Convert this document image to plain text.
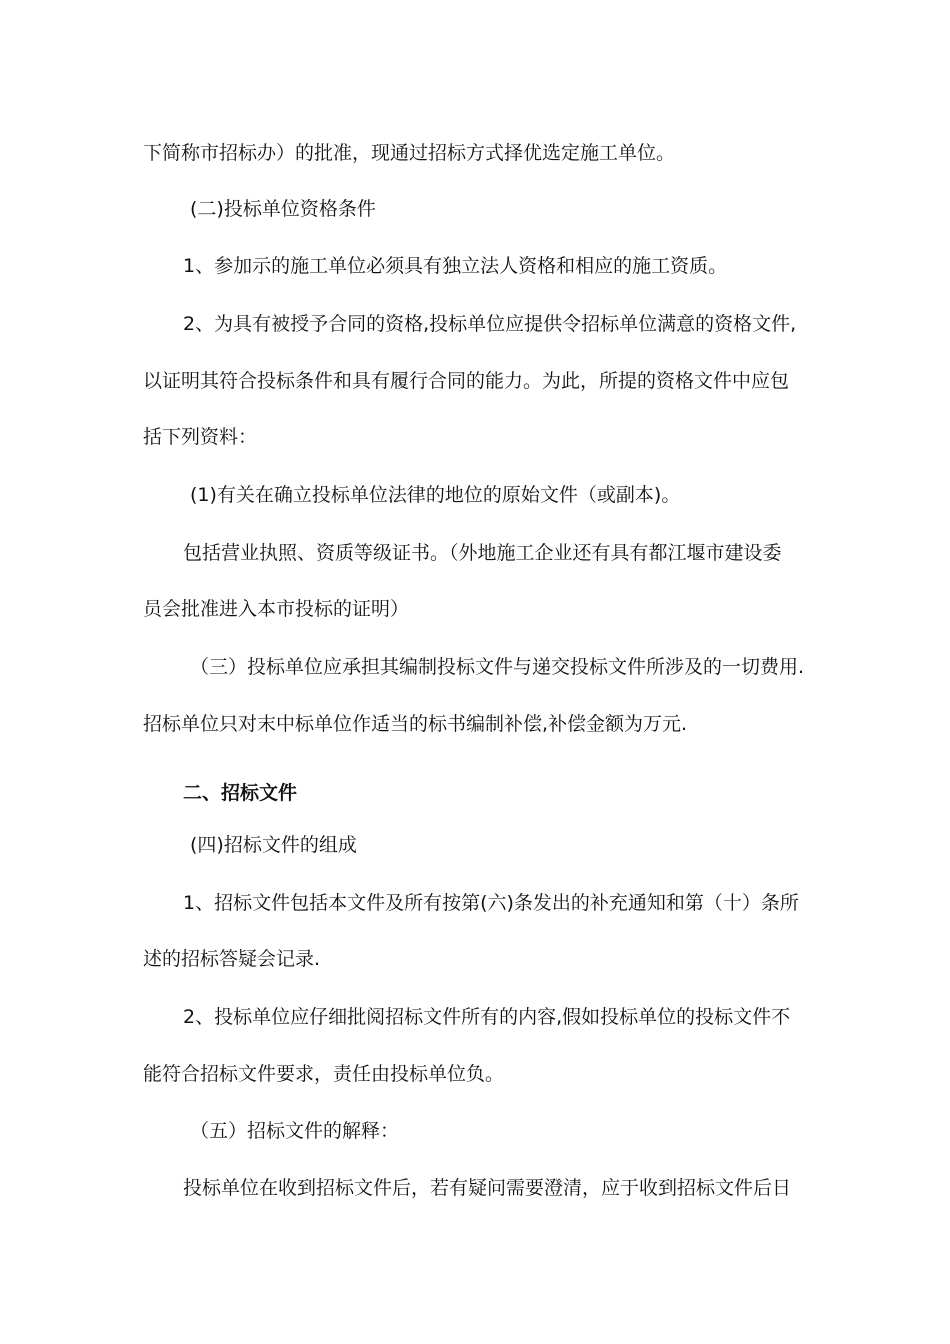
下简称市招标办）的批准，现通过招标方式择优选定施工单位。
(二)投标单位资格条件
1、参加示的施工单位必须具有独立法人资格和相应的施工资质。
2、为具有被授予合同的资格,投标单位应提供令招标单位满意的资格文件,
以证明其符合投标条件和具有履行合同的能力。为此，所提的资格文件中应包
括下列资料：
(1)有关在确立投标单位法律的地位的原始文件（或副本)。
包括营业执照、资质等级证书。（外地施工企业还有具有都江堰市建设委
员会批准进入本市投标的证明）
（三）投标单位应承担其编制投标文件与递交投标文件所涉及的一切费用.
招标单位只对末中标单位作适当的标书编制补偿,补偿金额为万元.
二、招标文件
(四)招标文件的组成
1、招标文件包括本文件及所有按第(六)条发出的补充通知和第（十）条所
述的招标答疑会记录.
2、投标单位应仔细批阅招标文件所有的内容,假如投标单位的投标文件不
能符合招标文件要求，责任由投标单位负。
（五）招标文件的解释：
投标单位在收到招标文件后，若有疑问需要澄清，应于收到招标文件后日
